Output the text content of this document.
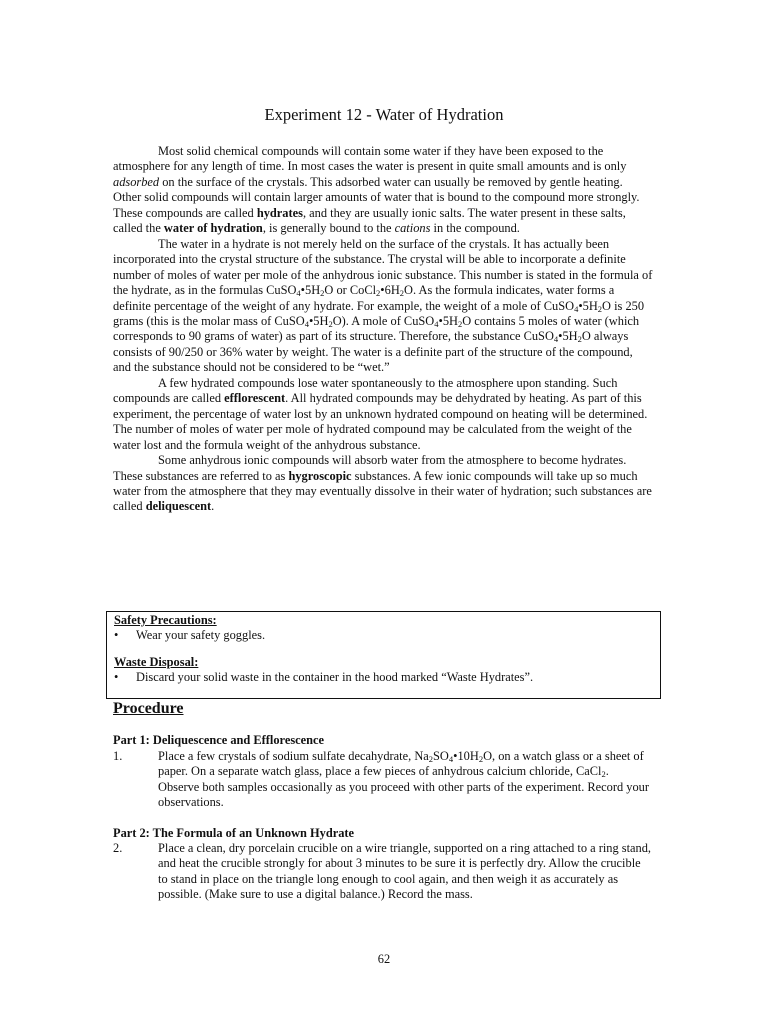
Experiment 12 - Water of Hydration

Most solid chemical compounds will contain some water if they have been exposed to the atmosphere for any length of time. In most cases the water is present in quite small amounts and is only adsorbed on the surface of the crystals. This adsorbed water can usually be removed by gentle heating. Other solid compounds will contain larger amounts of water that is bound to the compound more strongly. These compounds are called hydrates, and they are usually ionic salts. The water present in these salts, called the water of hydration, is generally bound to the cations in the compound.

The water in a hydrate is not merely held on the surface of the crystals. It has actually been incorporated into the crystal structure of the substance. The crystal will be able to incorporate a definite number of moles of water per mole of the anhydrous ionic substance. This number is stated in the formula of the hydrate, as in the formulas $CuSO_4•5H_2O$ or $CoCl_2•6H_2O$. As the formula indicates, water forms a definite percentage of the weight of any hydrate. For example, the weight of a mole of $CuSO_4•5H_2O$ is 250 grams (this is the molar mass of $CuSO_4•5H_2O$). A mole of $CuSO_4•5H_2O$ contains 5 moles of water (which corresponds to 90 grams of water) as part of its structure. Therefore, the substance $CuSO_4•5H_2O$ always consists of 90/250 or 36% water by weight. The water is a definite part of the structure of the compound, and the substance should not be considered to be “wet.”

A few hydrated compounds lose water spontaneously to the atmosphere upon standing. Such compounds are called efflorescent. All hydrated compounds may be dehydrated by heating. As part of this experiment, the percentage of water lost by an unknown hydrated compound on heating will be determined. The number of moles of water per mole of hydrated compound may be calculated from the weight of the water lost and the formula weight of the anhydrous substance.

Some anhydrous ionic compounds will absorb water from the atmosphere to become hydrates. These substances are referred to as hygroscopic substances. A few ionic compounds will take up so much water from the atmosphere that they may eventually dissolve in their water of hydration; such substances are called deliquescent.

Safety Precautions:
•	Wear your safety goggles.
Waste Disposal:
•	Discard your solid waste in the container in the hood marked “Waste Hydrates”.
Procedure
Part 1: Deliquescence and Efflorescence
1.	Place a few crystals of sodium sulfate decahydrate, $Na_2SO_4•10H_2O$, on a watch glass or a sheet of paper. On a separate watch glass, place a few pieces of anhydrous calcium chloride, CaCl$_2$. Observe both samples occasionally as you proceed with other parts of the experiment. Record your observations.
Part 2: The Formula of an Unknown Hydrate
2.	Place a clean, dry porcelain crucible on a wire triangle, supported on a ring attached to a ring stand, and heat the crucible strongly for about 3 minutes to be sure it is perfectly dry. Allow the crucible to stand in place on the triangle long enough to cool again, and then weigh it as accurately as possible. (Make sure to use a digital balance.) Record the mass.
62
